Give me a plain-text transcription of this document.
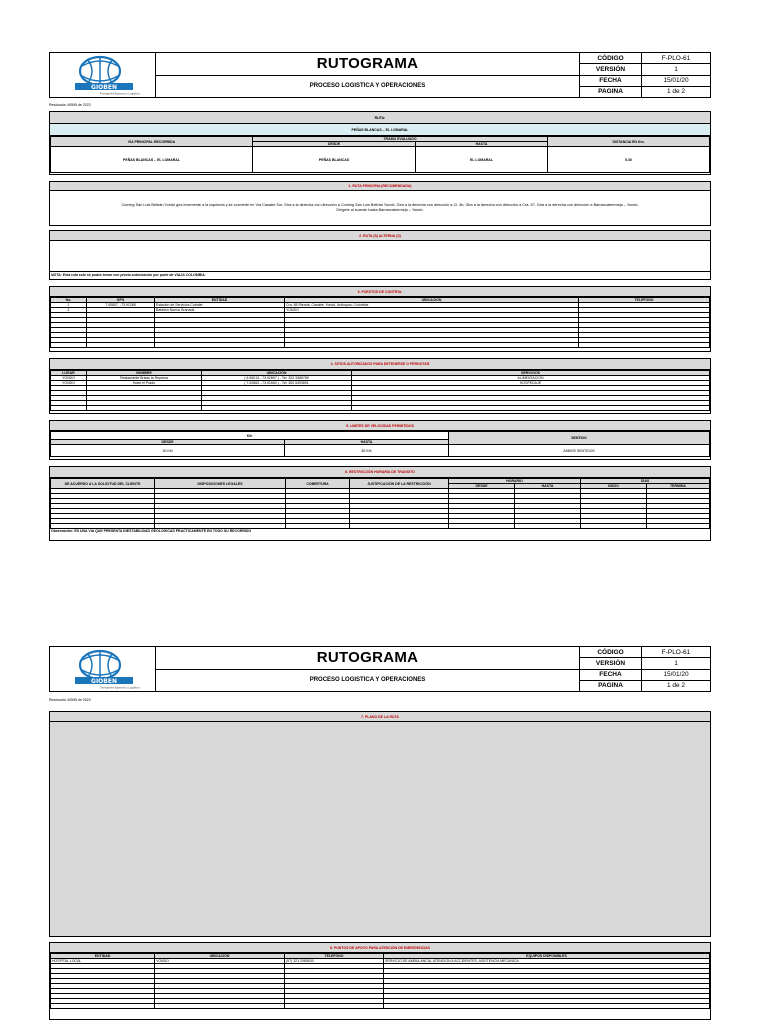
GIOBEN
Transporte Especial y Logístico
RUTOGRAMA
PROCESO LOGISTICA Y OPERACIONES
CÓDIGO	F-PLO-61
VERSIÓN	1
FECHA	15/01/20
PAGINA	1 de 2
Resolución 40595 de 2022
RUTA:
PEÑAS BLANCAS – EL LOMARAL
VÍA PRINCIPAL RECORRIDA	TRAMO EVALUADO		DISTANCIA EN Km.
	DESDE	HASTA	
PEÑAS BLANCAS – EL LOMARAL	PEÑAS BLANCAS	EL LOMARAL	5.30
1. RUTA PRINCIPAL(RECOMENDADA)
Coming San Luis Beltrán Yondó gira levemente a la izquierda y se convierte en Vía Casabe Sur, Gira a la derecha con dirección a Coming San Luis Beltrán Yondó, Gira a la derecha con dirección a Cl. 4b, Gira a la derecha con dirección a Cra. 57, Gira a la derecha con dirección a Barrancabermeja – Yondó,
Dirígete al sureste hasta Barrancabermeja – Yondó.
2. RUTA (S) ALTERNA (S)
NOTA: Esta ruta solo se podrá tomar con previa autorización por parte de VIAJA COLOMBIA.
3. PUESTOS DE CONTROL
No.	GPS	ENTIDAD	UBICACIÓN	TELEFONO
1	7.00807, -73.91268	Estación de Servicios Cubalet	Cra. 65 Rienda, Casabe, Yondó, Antioquia, Colombia	
2		Batallón Nueva Granada	YONDO	

4. SITIOS AUTORIZADOS PARA DETENERSE O PERNOTAR
LUGAR	NOMBRE	UBICACIÓN	SERVICIOS
YONDO	Restaurante Brisas la Represa	( 6.95013, -73.92897 ) - Tel: 322 3386789	ALIMENTACION
YONDO	Hotel el Prado	( 7.00863, -73.91663 ) - Tel: 300 5493891	HOSPEDAJE

5. LIMITES DE VELOCIDAD PERMITIDOS
K/h		SENTIDO
DESDE	HASTA	
30 KM	80 KM	AMBOS SENTIDOS
6. RESTRICCIÓN HORARIA DE TRANSITO
DE ACUERDO A LA SOLICITUD DEL CLIENTE	DISPOSICIONES LEGALES	COBERTURA	JUSTIFICACIÓN DE LA RESTRICCIÓN	HORARIO		DÍAS	
				DESDE	HASTA	INICIO	TERMINA

Observación: ES UNA VIA QUE PRESENTA INESTABILIDAD GEOLOGICAS PRACTICAMENTE EN TODO SU RECORRIDO
GIOBEN
Transporte Especial y Logístico
RUTOGRAMA
PROCESO LOGISTICA Y OPERACIONES
CÓDIGO	F-PLO-61
VERSIÓN	1
FECHA	15/01/20
PAGINA	1 de 2
Resolución 40595 de 2022
7. PLANO DE LA RUTA
8. PUNTOS DE APOYO PARA ATENCIÓN DE EMERGENCIAS
ENTIDAD	UBICACIÓN	TELEFONO	EQUIPOS DISPONIBLES
HOSPITAL LOCAL	YONDO	(57) 321 2085630	SERVICIO DE AMBULANCIA, ATENCION A ACCIDENTES, ASISTENCIA MECANICA
